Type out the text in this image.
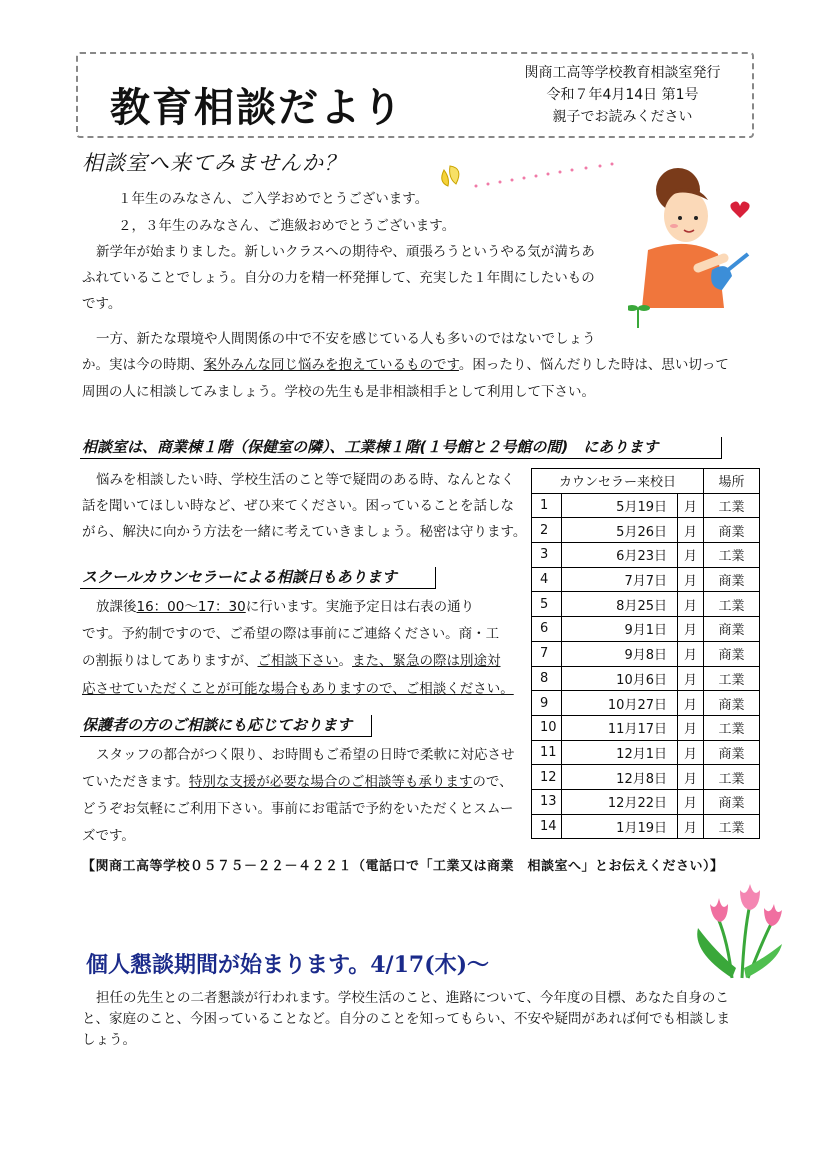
教育相談だより
関商工高等学校教育相談室発行
令和７年4月14日 第1号
親子でお読みください
相談室へ来てみませんか？
１年生のみなさん、ご入学おめでとうございます。
２，３年生のみなさん、ご進級おめでとうございます。
新学年が始まりました。新しいクラスへの期待や、頑張ろうというやる気が満ちあ
ふれていることでしょう。自分の力を精一杯発揮して、充実した１年間にしたいもの
です。
一方、新たな環境や人間関係の中で不安を感じている人も多いのではないでしょう
か。実は今の時期、案外みんな同じ悩みを抱えているものです。困ったり、悩んだりした時は、思い切って
周囲の人に相談してみましょう。学校の先生も是非相談相手として利用して下さい。
相談室は、商業棟１階（保健室の隣）、工業棟１階(１号館と２号館の間)　にあります
悩みを相談したい時、学校生活のこと等で疑問のある時、なんとなく
話を聞いてほしい時など、ぜひ来てください。困っていることを話しな
がら、解決に向かう方法を一緒に考えていきましょう。秘密は守ります。
スクールカウンセラーによる相談日もあります
放課後16：00～17：30に行います。実施予定日は右表の通り
です。予約制ですので、ご希望の際は事前にご連絡ください。商・工
の割振りはしてありますが、ご相談下さい。また、緊急の際は別途対
応させていただくことが可能な場合もありますので、ご相談ください。
保護者の方のご相談にも応じております
スタッフの都合がつく限り、お時間もご希望の日時で柔軟に対応させ
ていただきます。特別な支援が必要な場合のご相談等も承りますので、
どうぞお気軽にご利用下さい。事前にお電話で予約をいただくとスムー
ズです。
カウンセラー来校日			場所
1	5月19日	月	工業
2	5月26日	月	商業
3	6月23日	月	工業
4	7月7日	月	商業
5	8月25日	月	工業
6	9月1日	月	商業
7	9月8日	月	商業
8	10月6日	月	工業
9	10月27日	月	商業
10	11月17日	月	工業
11	12月1日	月	商業
12	12月8日	月	工業
13	12月22日	月	商業
14	1月19日	月	工業
【関商工高等学校０５７５－２２－４２２１（電話口で「工業又は商業　相談室へ」とお伝えください）】
個人懇談期間が始まります。4/17(木)～
担任の先生との二者懇談が行われます。学校生活のこと、進路について、今年度の目標、あなた自身のこ
と、家庭のこと、今困っていることなど。自分のことを知ってもらい、不安や疑問があれば何でも相談しま
しょう。
